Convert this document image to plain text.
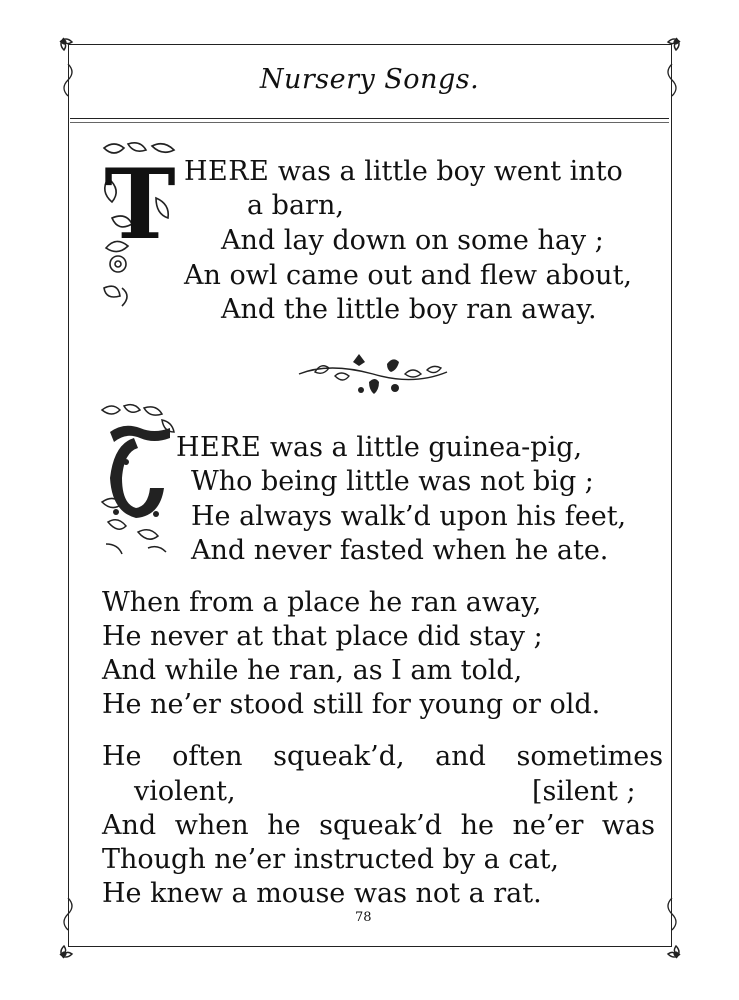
Nursery Songs.
T HERE was a little boy went into
a barn,
And lay down on some hay ;
An owl came out and flew about,
And the little boy ran away.
HERE was a little guinea-pig,
Who being little was not big ;
He always walk’d upon his feet,
And never fasted when he ate.
When from a place he ran away,
He never at that place did stay ;
And while he ran, as I am told,
He ne’er stood still for young or old.
He often squeak’d, and sometimes
violent,	[silent ;
And when he squeak’d he ne’er was
Though ne’er instructed by a cat,
He knew a mouse was not a rat.
78
